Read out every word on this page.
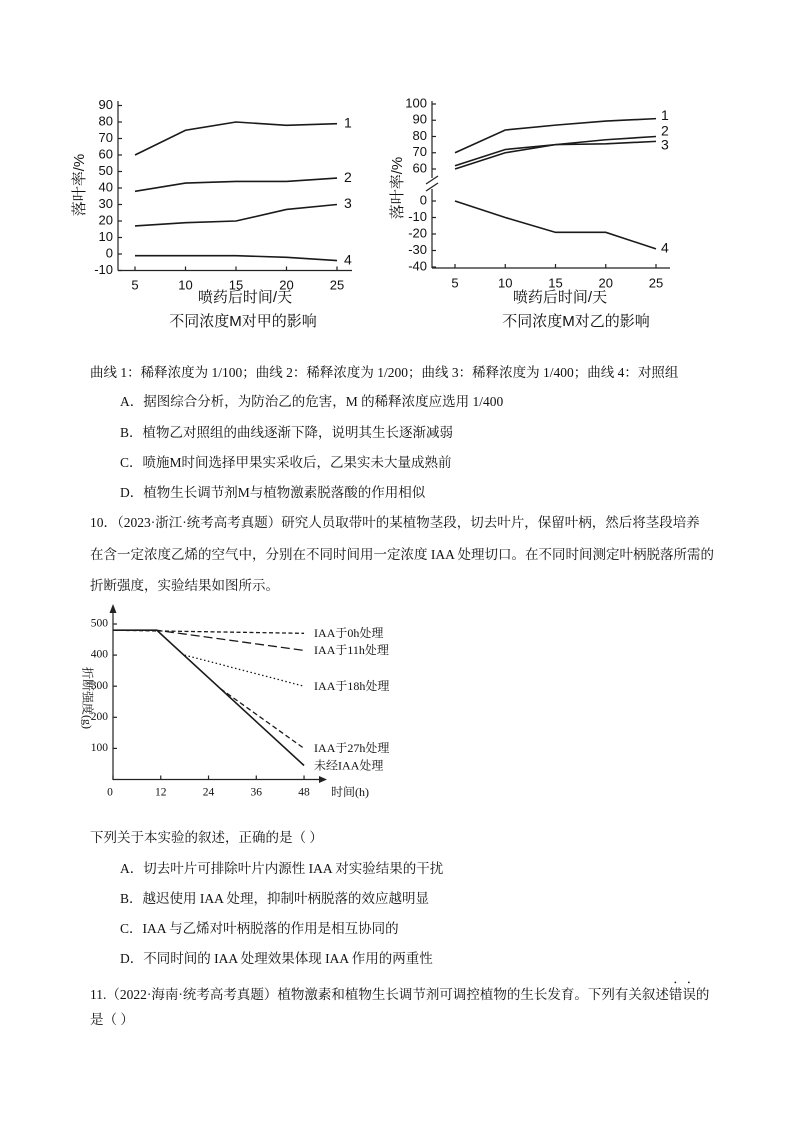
90
80
70
60
50
40
30
20
10
0
-10
5	10	15	20	25
1
2
3
4
落叶率/%
喷药后时间/天
不同浓度M对甲的影响
100
90
80
70
60
0
-10
-20
-30
-40
5	10	15	20	25
1
2
3
4
落叶率/%
喷药后时间/天
不同浓度M对乙的影响
曲线 1：稀释浓度为 1/100；曲线 2：稀释浓度为 1/200；曲线 3：稀释浓度为 1/400；曲线 4：对照组
A．据图综合分析，为防治乙的危害，M 的稀释浓度应选用 1/400
B．植物乙对照组的曲线逐渐下降，说明其生长逐渐减弱
C．喷施M时间选择甲果实采收后，乙果实未大量成熟前
D．植物生长调节剂M与植物激素脱落酸的作用相似
10．（2023·浙江·统考高考真题）研究人员取带叶的某植物茎段，切去叶片，保留叶柄，然后将茎段培养
在含一定浓度乙烯的空气中，分别在不同时间用一定浓度 IAA 处理切口。在不同时间测定叶柄脱落所需的
折断强度，实验结果如图所示。
500
400
300
200
100
0	12	24	36	48 时间(h)
折断强度(g)
IAA于0h处理
IAA于11h处理
IAA于18h处理
IAA于27h处理
未经IAA处理
下列关于本实验的叙述，正确的是（ ）
A．切去叶片可排除叶片内源性 IAA 对实验结果的干扰
B．越迟使用 IAA 处理，抑制叶柄脱落的效应越明显
C．IAA 与乙烯对叶柄脱落的作用是相互协同的
D．不同时间的 IAA 处理效果体现 IAA 作用的两重性
11.（2022·海南·统考高考真题）植物激素和植物生长调节剂可调控植物的生长发育。下列有关叙述错误的
是（ ）
